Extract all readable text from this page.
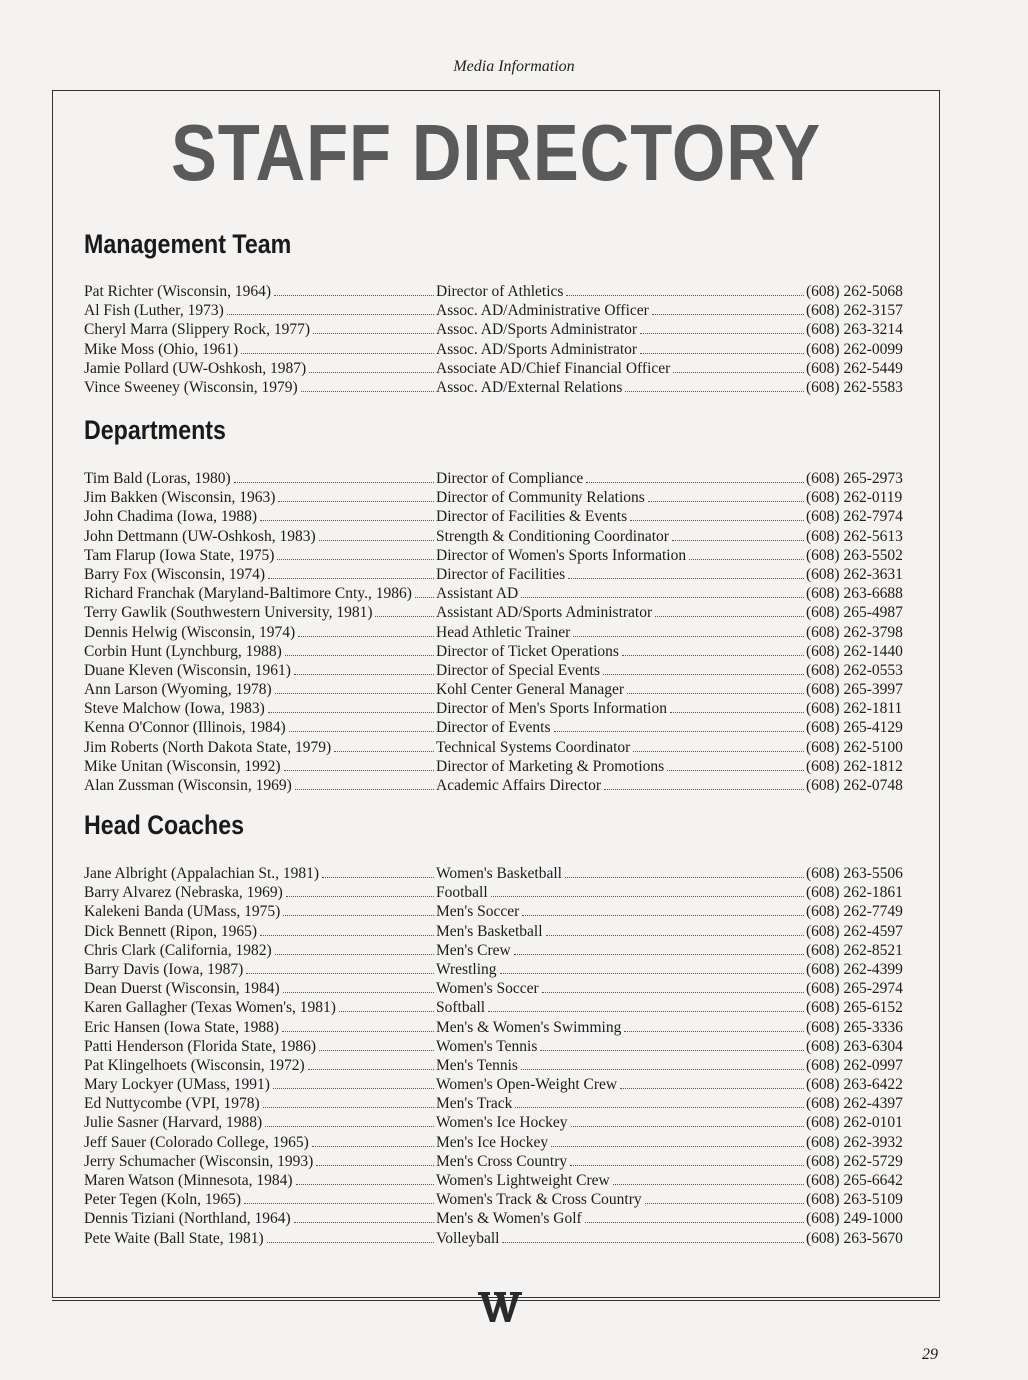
Media Information
STAFF DIRECTORY
Management Team
Pat Richter (Wisconsin, 1964)	Director of Athletics	(608) 262-5068
Al Fish (Luther, 1973)	Assoc. AD/Administrative Officer	(608) 262-3157
Cheryl Marra (Slippery Rock, 1977)	Assoc. AD/Sports Administrator	(608) 263-3214
Mike Moss (Ohio, 1961)	Assoc. AD/Sports Administrator	(608) 262-0099
Jamie Pollard (UW-Oshkosh, 1987)	Associate AD/Chief Financial Officer	(608) 262-5449
Vince Sweeney (Wisconsin, 1979)	Assoc. AD/External Relations	(608) 262-5583
Departments
Tim Bald (Loras, 1980)	Director of Compliance	(608) 265-2973
Jim Bakken (Wisconsin, 1963)	Director of Community Relations	(608) 262-0119
John Chadima (Iowa, 1988)	Director of Facilities & Events	(608) 262-7974
John Dettmann (UW-Oshkosh, 1983)	Strength & Conditioning Coordinator	(608) 262-5613
Tam Flarup (Iowa State, 1975)	Director of Women's Sports Information	(608) 263-5502
Barry Fox (Wisconsin, 1974)	Director of Facilities	(608) 262-3631
Richard Franchak (Maryland-Baltimore Cnty., 1986) Assistant AD	(608) 263-6688
Terry Gawlik (Southwestern University, 1981)	Assistant AD/Sports Administrator	(608) 265-4987
Dennis Helwig (Wisconsin, 1974)	Head Athletic Trainer	(608) 262-3798
Corbin Hunt (Lynchburg, 1988)	Director of Ticket Operations	(608) 262-1440
Duane Kleven (Wisconsin, 1961)	Director of Special Events	(608) 262-0553
Ann Larson (Wyoming, 1978)	Kohl Center General Manager	(608) 265-3997
Steve Malchow (Iowa, 1983)	Director of Men's Sports Information	(608) 262-1811
Kenna O'Connor (Illinois, 1984)	Director of Events	(608) 265-4129
Jim Roberts (North Dakota State, 1979)	Technical Systems Coordinator	(608) 262-5100
Mike Unitan (Wisconsin, 1992)	Director of Marketing & Promotions	(608) 262-1812
Alan Zussman (Wisconsin, 1969)	Academic Affairs Director	(608) 262-0748
Head Coaches
Jane Albright (Appalachian St., 1981)	Women's Basketball	(608) 263-5506
Barry Alvarez (Nebraska, 1969)	Football	(608) 262-1861
Kalekeni Banda (UMass, 1975)	Men's Soccer	(608) 262-7749
Dick Bennett (Ripon, 1965)	Men's Basketball	(608) 262-4597
Chris Clark (California, 1982)	Men's Crew	(608) 262-8521
Barry Davis (Iowa, 1987)	Wrestling	(608) 262-4399
Dean Duerst (Wisconsin, 1984)	Women's Soccer	(608) 265-2974
Karen Gallagher (Texas Women's, 1981)	Softball	(608) 265-6152
Eric Hansen (Iowa State, 1988)	Men's & Women's Swimming	(608) 265-3336
Patti Henderson (Florida State, 1986)	Women's Tennis	(608) 263-6304
Pat Klingelhoets (Wisconsin, 1972)	Men's Tennis	(608) 262-0997
Mary Lockyer (UMass, 1991)	Women's Open-Weight Crew	(608) 263-6422
Ed Nuttycombe (VPI, 1978)	Men's Track	(608) 262-4397
Julie Sasner (Harvard, 1988)	Women's Ice Hockey	(608) 262-0101
Jeff Sauer (Colorado College, 1965)	Men's Ice Hockey	(608) 262-3932
Jerry Schumacher (Wisconsin, 1993)	Men's Cross Country	(608) 262-5729
Maren Watson (Minnesota, 1984)	Women's Lightweight Crew	(608) 265-6642
Peter Tegen (Koln, 1965)	Women's Track & Cross Country	(608) 263-5109
Dennis Tiziani (Northland, 1964)	Men's & Women's Golf	(608) 249-1000
Pete Waite (Ball State, 1981)	Volleyball	(608) 263-5670
29
